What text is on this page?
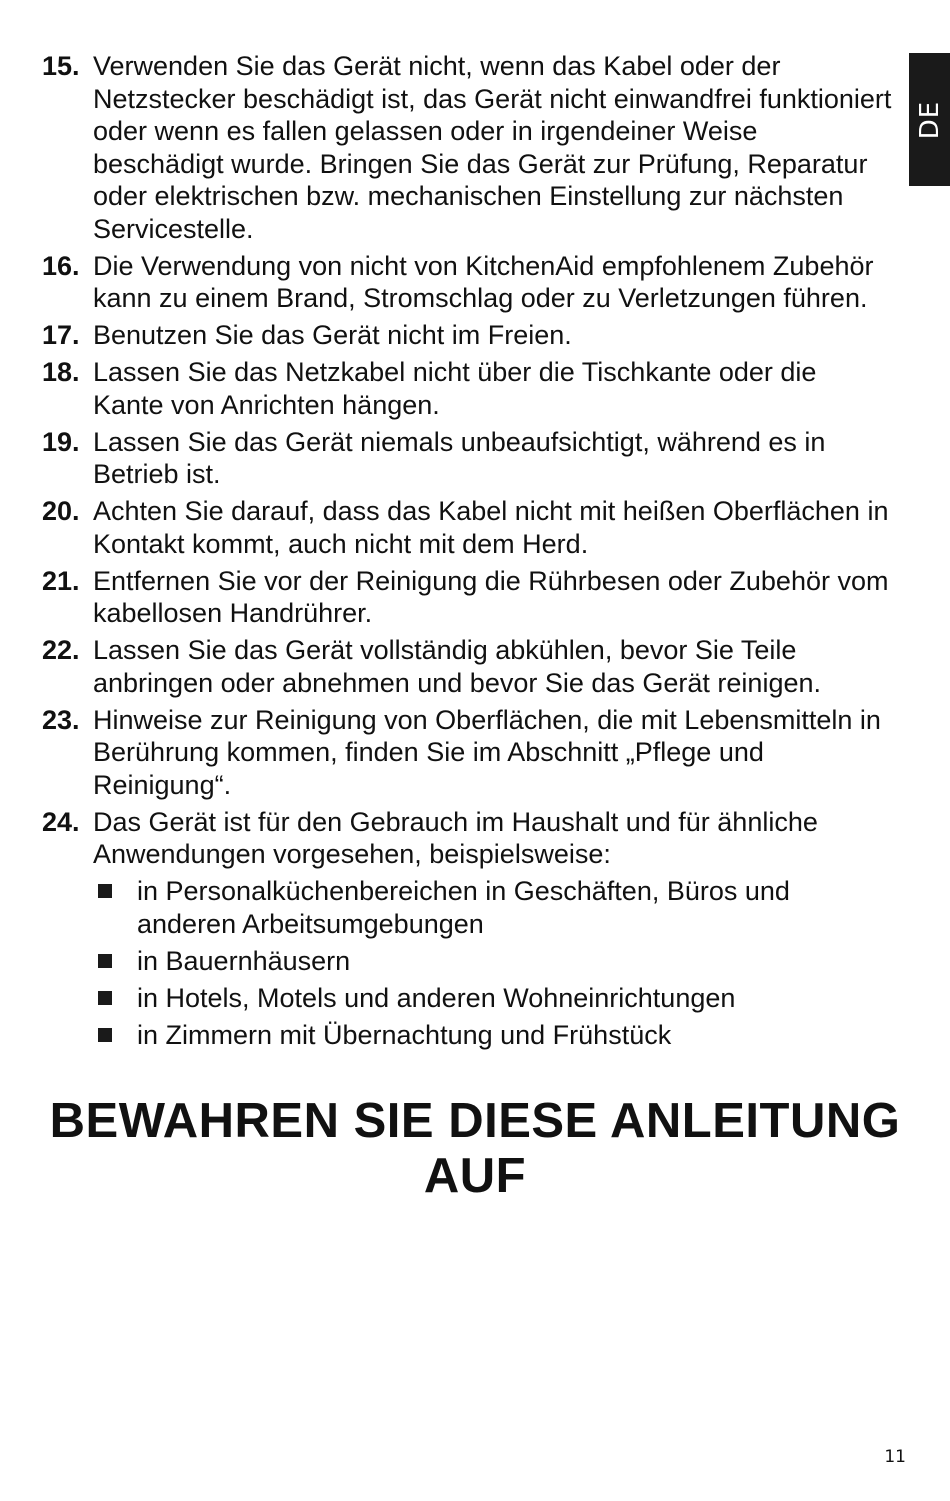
DE
15. Verwenden Sie das Gerät nicht, wenn das Kabel oder der Netzstecker beschädigt ist, das Gerät nicht einwandfrei funktioniert oder wenn es fallen gelassen oder in irgendeiner Weise beschädigt wurde. Bringen Sie das Gerät zur Prüfung, Reparatur oder elektrischen bzw. mechanischen Einstellung zur nächsten Servicestelle.
16. Die Verwendung von nicht von KitchenAid empfohlenem Zubehör kann zu einem Brand, Stromschlag oder zu Verletzungen führen.
17. Benutzen Sie das Gerät nicht im Freien.
18. Lassen Sie das Netzkabel nicht über die Tischkante oder die Kante von Anrichten hängen.
19. Lassen Sie das Gerät niemals unbeaufsichtigt, während es in Betrieb ist.
20. Achten Sie darauf, dass das Kabel nicht mit heißen Oberflächen in Kontakt kommt, auch nicht mit dem Herd.
21. Entfernen Sie vor der Reinigung die Rührbesen oder Zubehör vom kabellosen Handrührer.
22. Lassen Sie das Gerät vollständig abkühlen, bevor Sie Teile anbringen oder abnehmen und bevor Sie das Gerät reinigen.
23. Hinweise zur Reinigung von Oberflächen, die mit Lebensmitteln in Berührung kommen, finden Sie im Abschnitt „Pflege und Reinigung“.
24. Das Gerät ist für den Gebrauch im Haushalt und für ähnliche Anwendungen vorgesehen, beispielsweise:
in Personalküchenbereichen in Geschäften, Büros und anderen Arbeitsumgebungen
in Bauernhäusern
in Hotels, Motels und anderen Wohneinrichtungen
in Zimmern mit Übernachtung und Frühstück
BEWAHREN SIE DIESE ANLEITUNG
AUF
11
